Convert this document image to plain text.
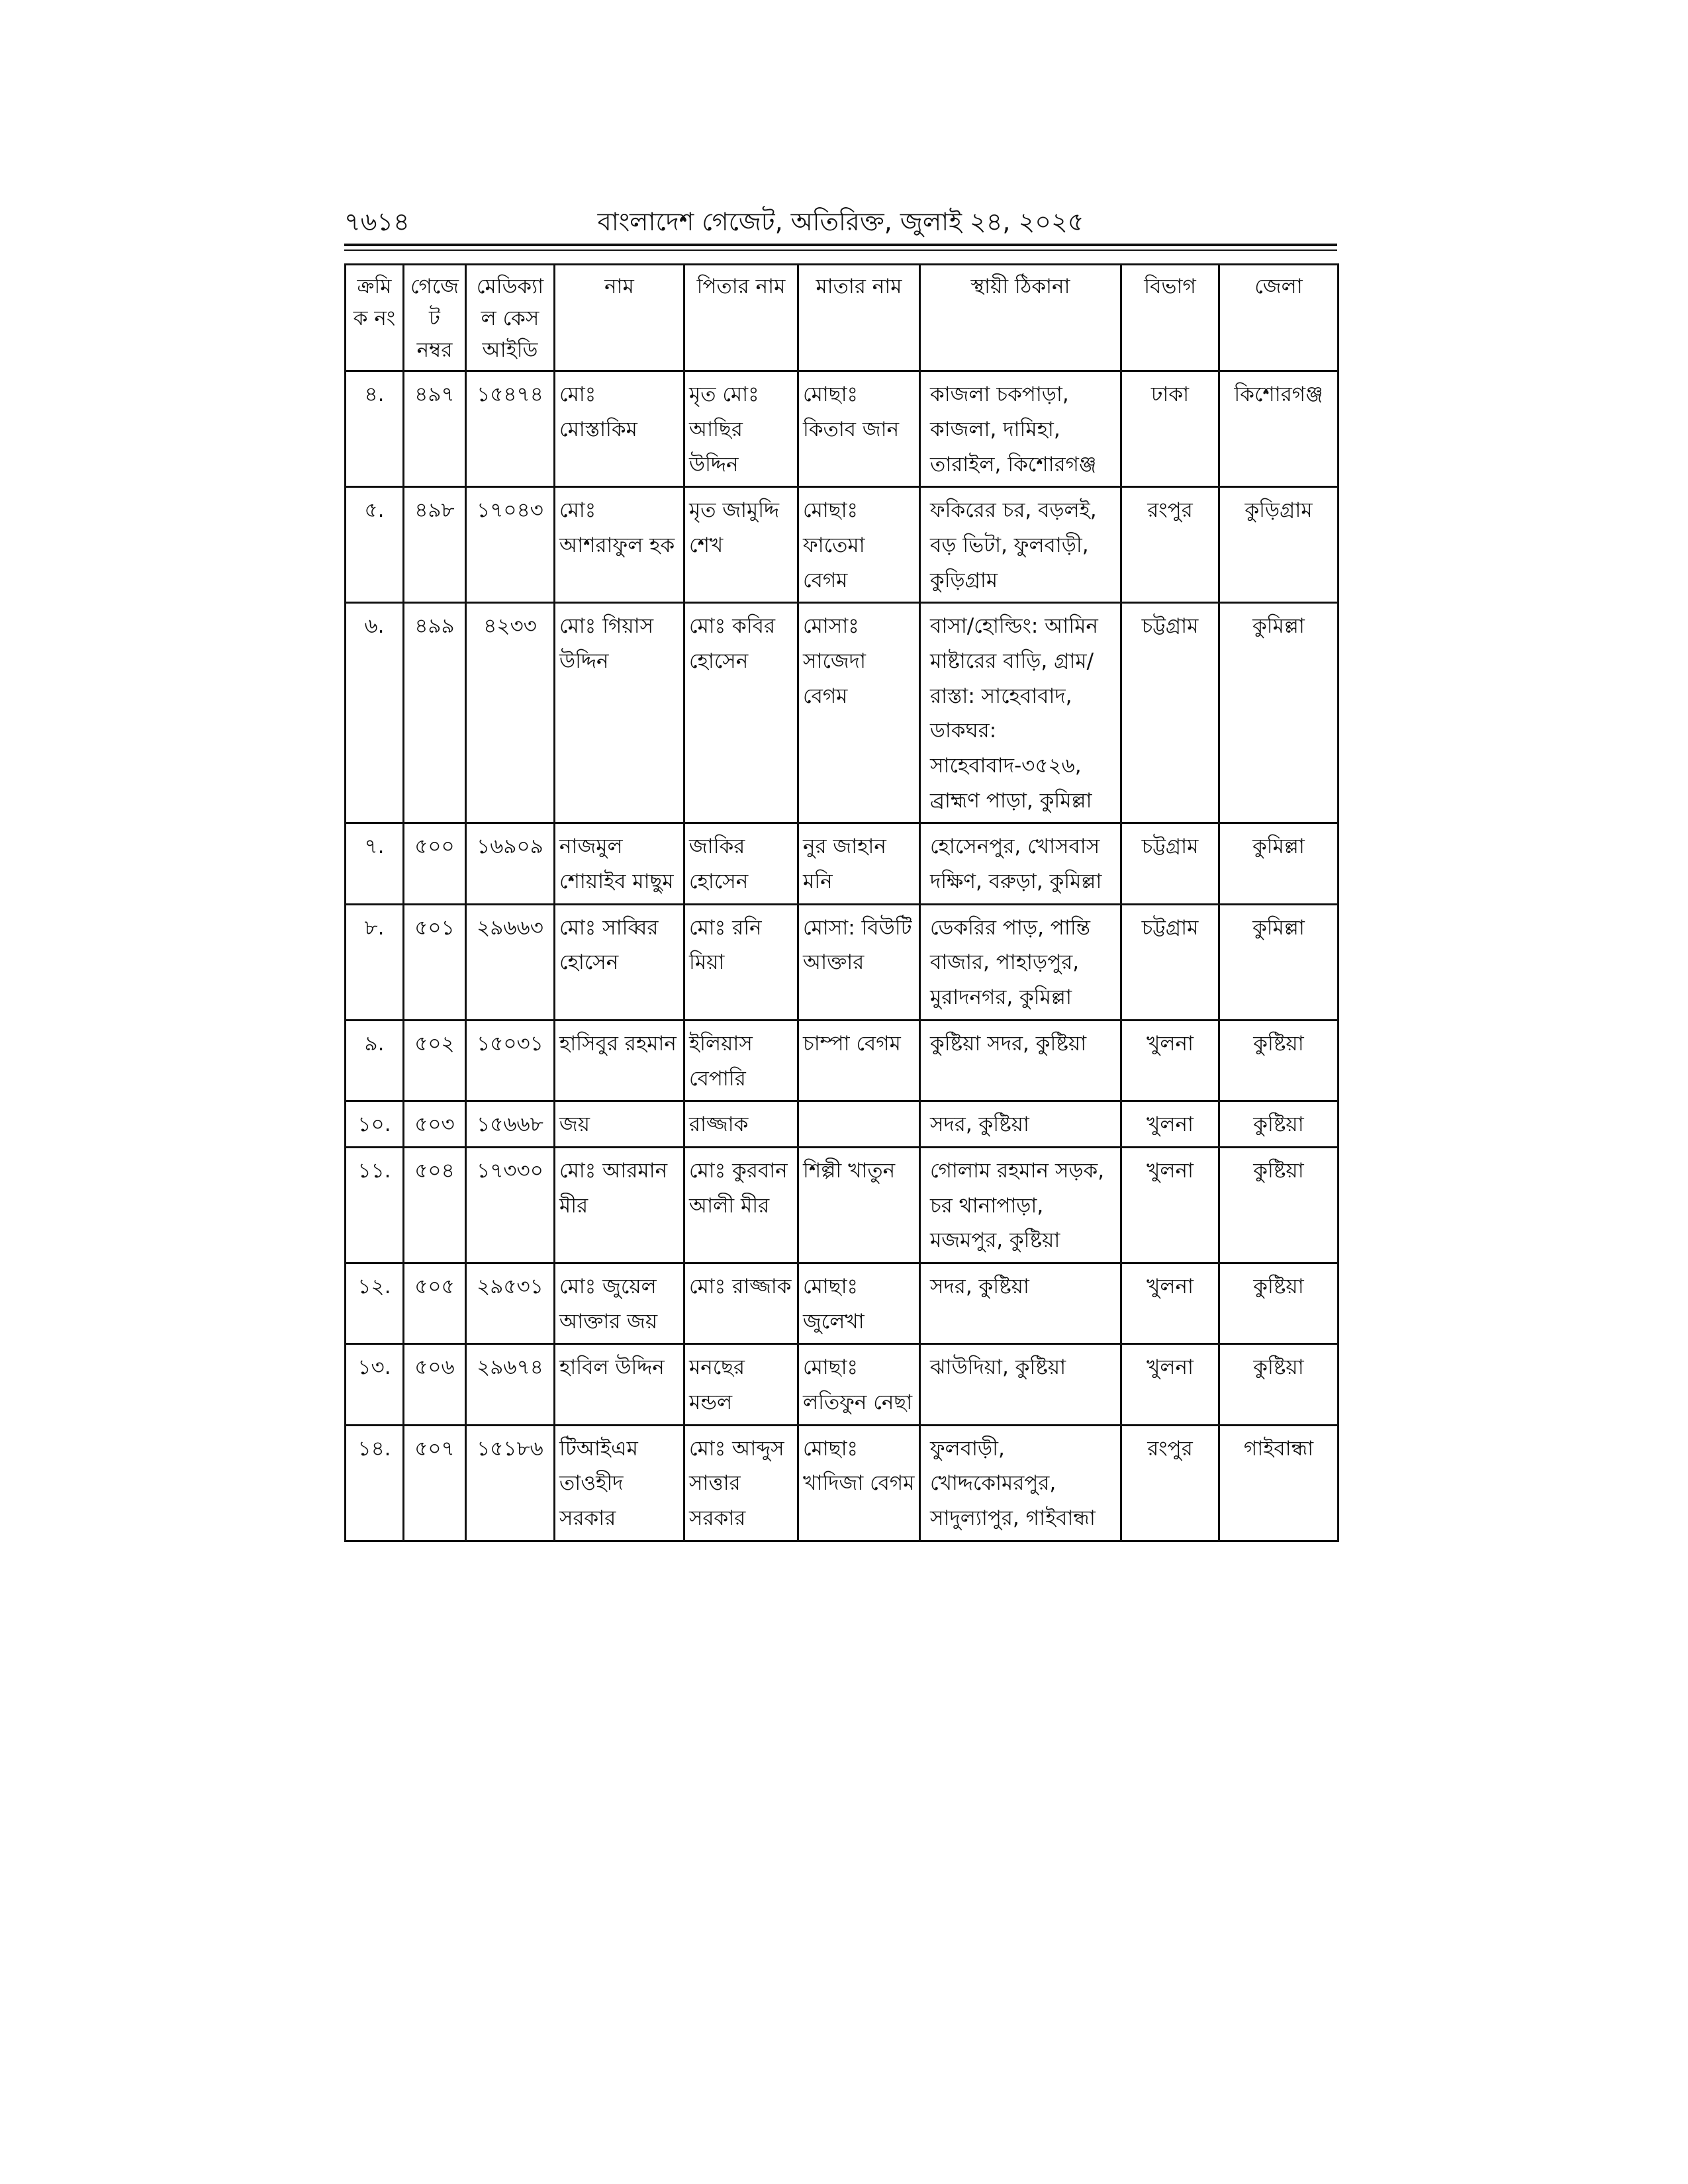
৭৬১৪	বাংলাদেশ গেজেট, অতিরিক্ত, জুলাই ২৪, ২০২৫
ক্রমিক নং	গেজেট নম্বর	মেডিক্যাল কেস আইডি	নাম	পিতার নাম	মাতার নাম	স্থায়ী ঠিকানা	বিভাগ	জেলা
৪.	৪৯৭	১৫৪৭৪	মোঃ মোস্তাকিম	মৃত মোঃ আছির উদ্দিন	মোছাঃ কিতাব জান	কাজলা চকপাড়া, কাজলা, দামিহা, তারাইল, কিশোরগঞ্জ	ঢাকা	কিশোরগঞ্জ
৫.	৪৯৮	১৭০৪৩	মোঃ আশরাফুল হক	মৃত জামুদ্দি শেখ	মোছাঃ ফাতেমা বেগম	ফকিরের চর, বড়লই, বড় ভিটা, ফুলবাড়ী, কুড়িগ্রাম	রংপুর	কুড়িগ্রাম
৬.	৪৯৯	৪২৩৩	মোঃ গিয়াস উদ্দিন	মোঃ কবির হোসেন	মোসাঃ সাজেদা বেগম	বাসা/হোল্ডিং: আমিন মাষ্টারের বাড়ি, গ্রাম/রাস্তা: সাহেবাবাদ, ডাকঘর: সাহেবাবাদ-৩৫২৬, ব্রাহ্মণ পাড়া, কুমিল্লা	চট্টগ্রাম	কুমিল্লা
৭.	৫০০	১৬৯০৯	নাজমুল শোয়াইব মাছুম	জাকির হোসেন	নুর জাহান মনি	হোসেনপুর, খোসবাস দক্ষিণ, বরুড়া, কুমিল্লা	চট্টগ্রাম	কুমিল্লা
৮.	৫০১	২৯৬৬৩	মোঃ সাব্বির হোসেন	মোঃ রনি মিয়া	মোসা: বিউটি আক্তার	ডেকরির পাড়, পান্তি বাজার, পাহাড়পুর, মুরাদনগর, কুমিল্লা	চট্টগ্রাম	কুমিল্লা
৯.	৫০২	১৫০৩১	হাসিবুর রহমান	ইলিয়াস বেপারি	চাম্পা বেগম	কুষ্টিয়া সদর, কুষ্টিয়া	খুলনা	কুষ্টিয়া
১০.	৫০৩	১৫৬৬৮	জয়	রাজ্জাক		সদর, কুষ্টিয়া	খুলনা	কুষ্টিয়া
১১.	৫০৪	১৭৩৩০	মোঃ আরমান মীর	মোঃ কুরবান আলী মীর	শিল্পী খাতুন	গোলাম রহমান সড়ক, চর থানাপাড়া, মজমপুর, কুষ্টিয়া	খুলনা	কুষ্টিয়া
১২.	৫০৫	২৯৫৩১	মোঃ জুয়েল আক্তার জয়	মোঃ রাজ্জাক	মোছাঃ জুলেখা	সদর, কুষ্টিয়া	খুলনা	কুষ্টিয়া
১৩.	৫০৬	২৯৬৭৪	হাবিল উদ্দিন	মনছের মন্ডল	মোছাঃ লতিফুন নেছা	ঝাউদিয়া, কুষ্টিয়া	খুলনা	কুষ্টিয়া
১৪.	৫০৭	১৫১৮৬	টিআইএম তাওহীদ সরকার	মোঃ আব্দুস সাত্তার সরকার	মোছাঃ খাদিজা বেগম	ফুলবাড়ী, খোদ্দকোমরপুর, সাদুল্যাপুর, গাইবান্ধা	রংপুর	গাইবান্ধা
